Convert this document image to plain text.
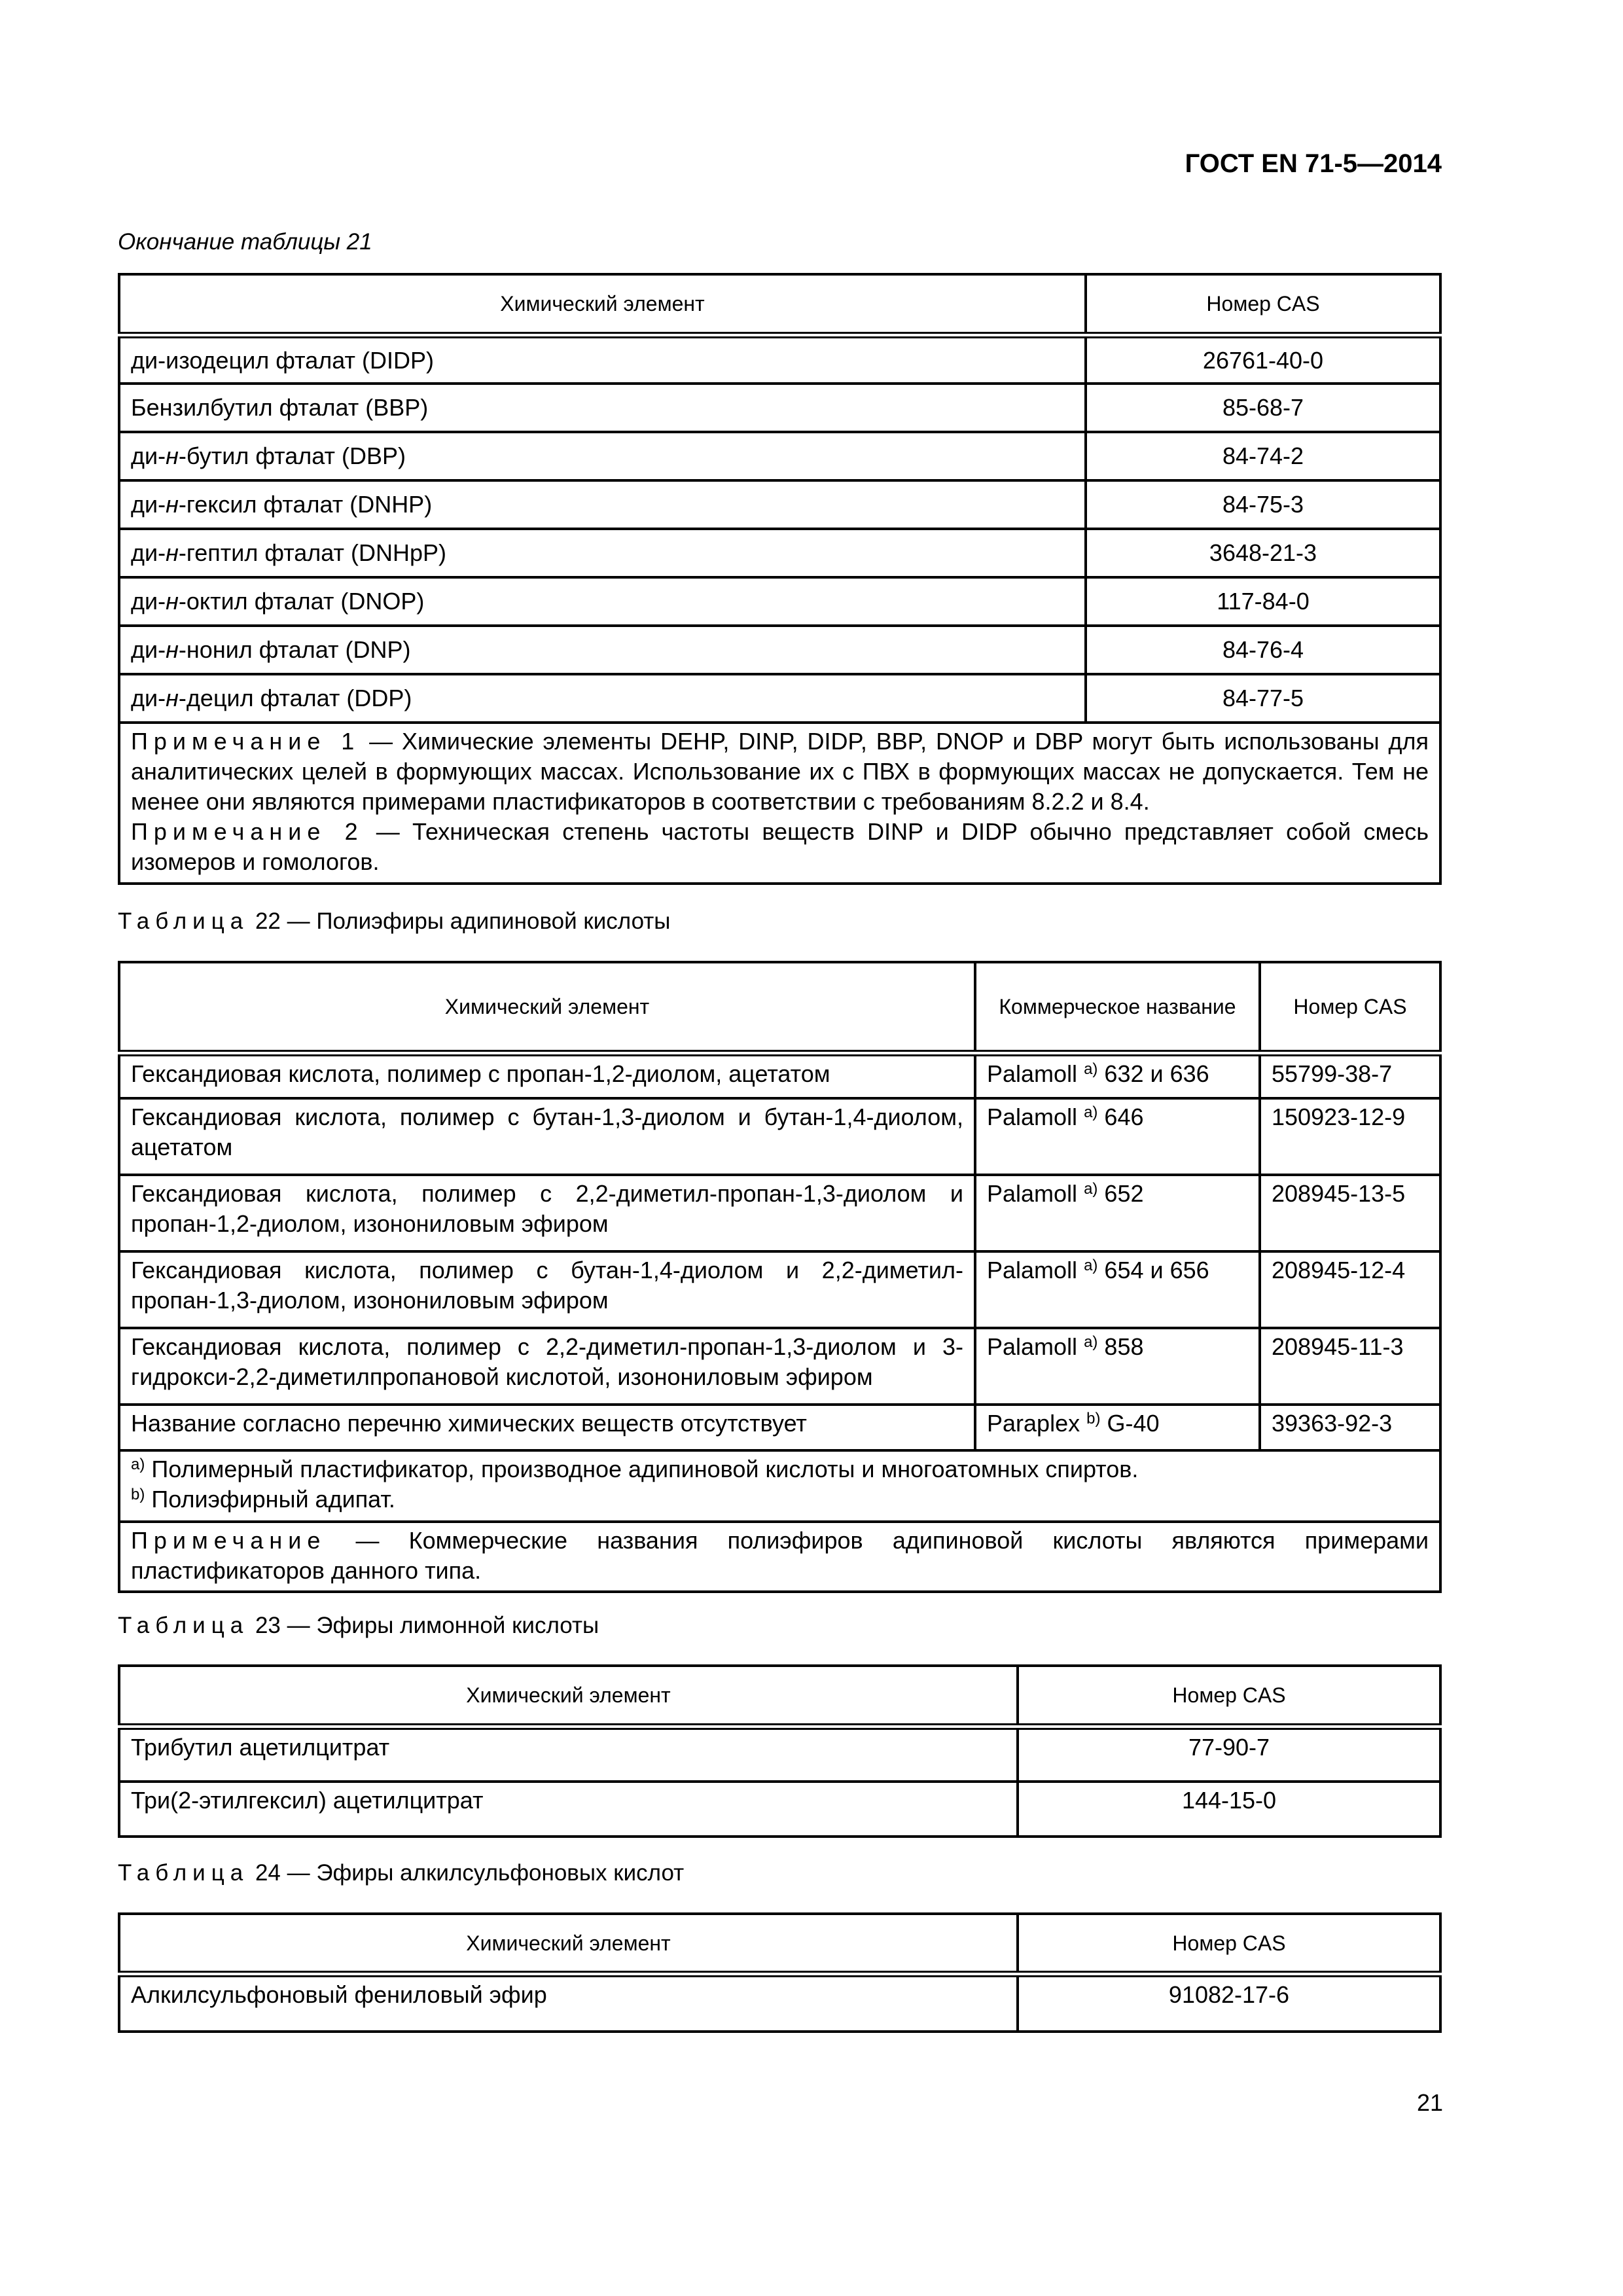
ГОСТ EN 71-5—2014
Окончание таблицы 21
Химический элемент	Номер CAS
ди-изодецил фталат (DIDP)	26761-40-0
Бензилбутил фталат (BBP)	85-68-7
ди-н-бутил фталат (DBP)	84-74-2
ди-н-гексил фталат (DNHP)	84-75-3
ди-н-гептил фталат (DNHpP)	3648-21-3
ди-н-октил фталат (DNOP)	117-84-0
ди-н-нонил фталат (DNP)	84-76-4
ди-н-децил фталат (DDP)	84-77-5
Примечание 1 — Химические элементы DEHP, DINP, DIDP, BBP, DNOP и DBP могут быть использованы для аналитических целей в формующих массах. Использование их с ПВХ в формующих массах не допускается. Тем не менее они являются примерами пластификаторов в соответствии с требованиям 8.2.2 и 8.4.
Примечание 2 — Техническая степень частоты веществ DINP и DIDP обычно представляет собой смесь изомеров и гомологов.	
Таблица 22 — Полиэфиры адипиновой кислоты
Химический элемент	Коммерческое название	Номер CAS
Гександиовая кислота, полимер с пропан-1,2-диолом, ацетатом	Palamoll $^{a)}$ 632 и 636	55799-38-7
Гександиовая кислота, полимер с бутан-1,3-диолом и бутан-1,4-диолом, ацетатом	Palamoll $^{a)}$ 646	150923-12-9
Гександиовая кислота, полимер с 2,2-диметил-пропан-1,3-диолом и пропан-1,2-диолом, изонониловым эфиром	Palamoll $^{a)}$ 652	208945-13-5
Гександиовая кислота, полимер с бутан-1,4-диолом и 2,2-диметил-пропан-1,3-диолом, изонониловым эфиром	Palamoll $^{a)}$ 654 и 656	208945-12-4
Гександиовая кислота, полимер с 2,2-диметил-пропан-1,3-диолом и 3-гидрокси-2,2-диметилпропановой кислотой, изонониловым эфиром	Palamoll $^{a)}$ 858	208945-11-3
Название согласно перечню химических веществ отсутствует	Paraplex $^{b)}$ G-40	39363-92-3

$^{a)}$ Полимерный пластификатор, производное адипиновой кислоты и многоатомных спиртов.
$^{b)}$ Полиэфирный адипат.		

Примечание — Коммерческие названия полиэфиров адипиновой кислоты являются примерами пластификаторов данного типа.		
Таблица 23 — Эфиры лимонной кислоты
Химический элемент	Номер CAS
Трибутил ацетилцитрат	77-90-7
Три(2-этилгексил) ацетилцитрат	144-15-0
Таблица 24 — Эфиры алкилсульфоновых кислот
Химический элемент	Номер CAS
Алкилсульфоновый фениловый эфир	91082-17-6
21
